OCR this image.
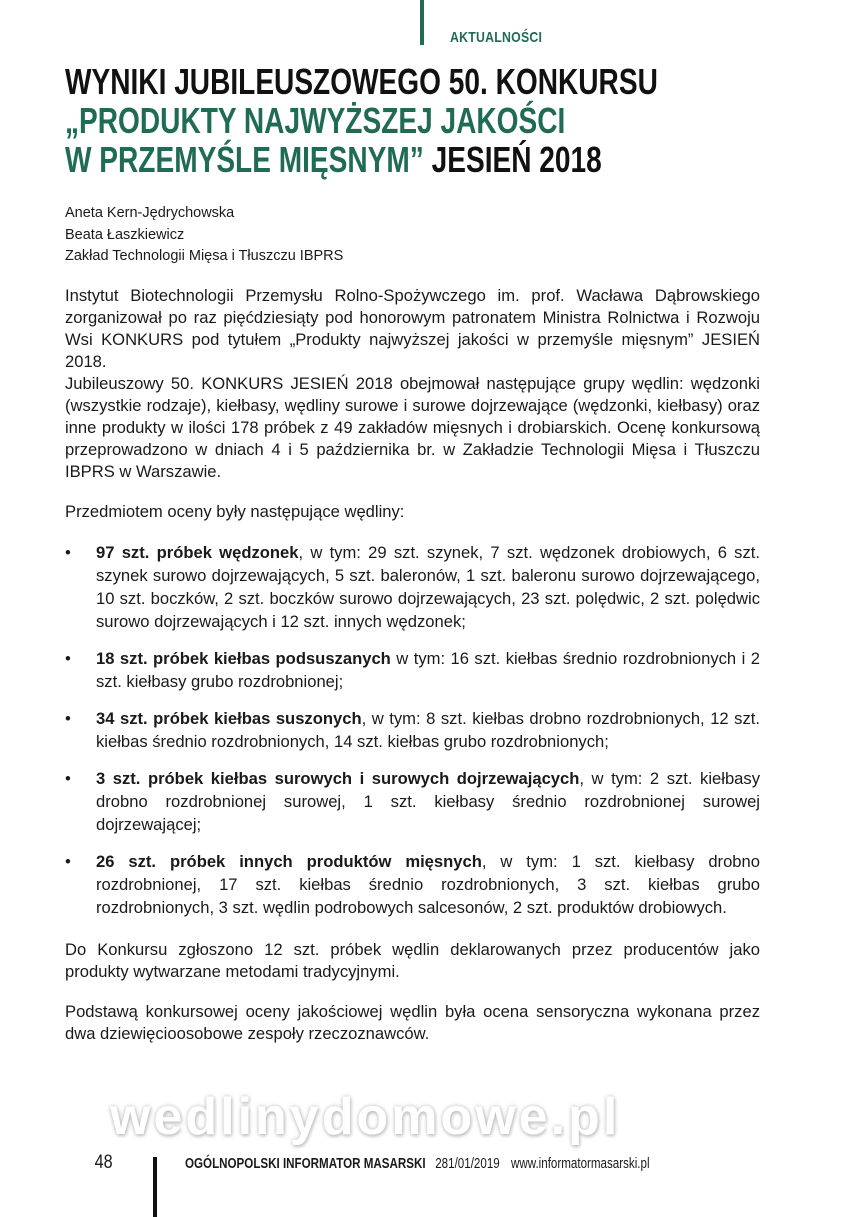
AKTUALNOŚCI
WYNIKI JUBILEUSZOWEGO 50. KONKURSU
„PRODUKTY NAJWYŻSZEJ JAKOŚCI
W PRZEMYŚLE MIĘSNYM” JESIEŃ 2018
Aneta Kern-Jędrychowska
Beata Łaszkiewicz
Zakład Technologii Mięsa i Tłuszczu IBPRS

Instytut Biotechnologii Przemysłu Rolno-Spożywczego im. prof. Wacława Dąbrowskiego zorganizował po raz pięćdziesiąty pod honorowym patronatem Ministra Rolnictwa i Rozwoju Wsi KONKURS pod tytułem „Produkty najwyższej jakości w przemyśle mięsnym” JESIEŃ 2018.

Jubileuszowy 50. KONKURS JESIEŃ 2018 obejmował następujące grupy wędlin: wędzonki (wszystkie rodzaje), kiełbasy, wędliny surowe i surowe dojrzewające (wędzonki, kiełbasy) oraz inne produkty w ilości 178 próbek z 49 zakładów mięsnych i drobiarskich. Ocenę konkursową przeprowadzono w dniach 4 i 5 października br. w Zakładzie Technologii Mięsa i Tłuszczu IBPRS w Warszawie.

Przedmiotem oceny były następujące wędliny:

• 97 szt. próbek wędzonek, w tym: 29 szt. szynek, 7 szt. wędzonek drobiowych, 6 szt. szynek surowo dojrzewających, 5 szt. baleronów, 1 szt. baleronu surowo dojrzewającego, 10 szt. boczków, 2 szt. boczków surowo dojrzewających, 23 szt. polędwic, 2 szt. polędwic surowo dojrzewających i 12 szt. innych wędzonek;
• 18 szt. próbek kiełbas podsuszanych w tym: 16 szt. kiełbas średnio rozdrobnionych i 2 szt. kiełbasy grubo rozdrobnionej;
• 34 szt. próbek kiełbas suszonych, w tym: 8 szt. kiełbas drobno rozdrobnionych, 12 szt. kiełbas średnio rozdrobnionych, 14 szt. kiełbas grubo rozdrobnionych;
• 3 szt. próbek kiełbas surowych i surowych dojrzewających, w tym: 2 szt. kiełbasy drobno rozdrobnionej surowej, 1 szt. kiełbasy średnio rozdrobnionej surowej dojrzewającej;
• 26 szt. próbek innych produktów mięsnych, w tym: 1 szt. kiełbasy drobno rozdrobnionej, 17 szt. kiełbas średnio rozdrobnionych, 3 szt. kiełbas grubo rozdrobnionych, 3 szt. wędlin podrobowych salcesonów, 2 szt. produktów drobiowych.

Do Konkursu zgłoszono 12 szt. próbek wędlin deklarowanych przez producentów jako produkty wytwarzane metodami tradycyjnymi.

Podstawą konkursowej oceny jakościowej wędlin była ocena sensoryczna wykonana przez dwa dziewięcioosobowe zespoły rzeczoznawców.

wedlinydomowe.pl
48	OGÓLNOPOLSKI INFORMATOR MASARSKI 281/01/2019 www.informatormasarski.pl
